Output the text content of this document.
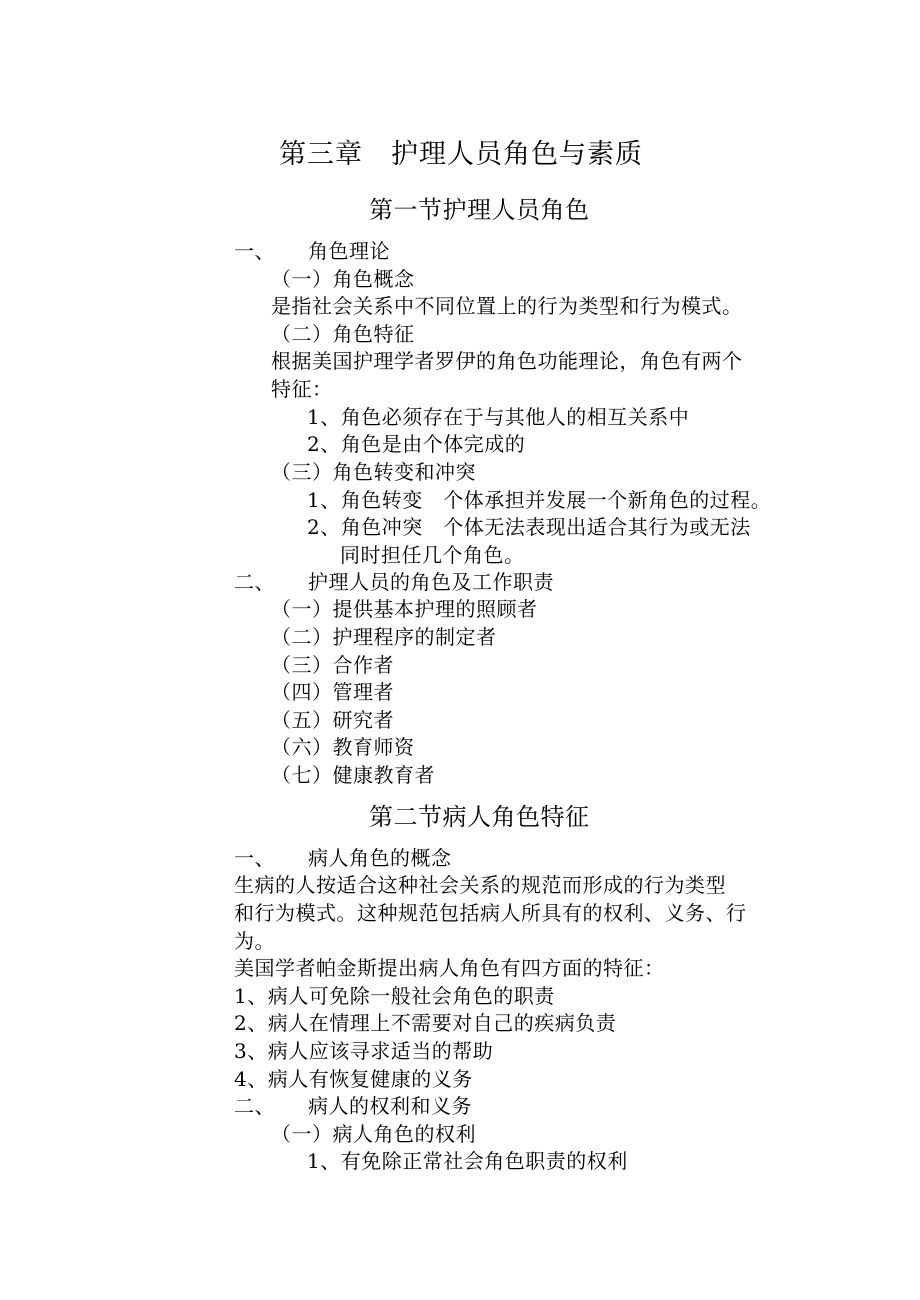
第三章　护理人员角色与素质
第一节护理人员角色
一、 角色理论
（一）角色概念
是指社会关系中不同位置上的行为类型和行为模式。
（二）角色特征
根据美国护理学者罗伊的角色功能理论，角色有两个
特征：
1、角色必须存在于与其他人的相互关系中
2、角色是由个体完成的
（三）角色转变和冲突
1、角色转变　个体承担并发展一个新角色的过程。
2、角色冲突　个体无法表现出适合其行为或无法
同时担任几个角色。
二、 护理人员的角色及工作职责
（一）提供基本护理的照顾者
（二）护理程序的制定者
（三）合作者
（四）管理者
（五）研究者
（六）教育师资
（七）健康教育者
第二节病人角色特征
一、 病人角色的概念
生病的人按适合这种社会关系的规范而形成的行为类型
和行为模式。这种规范包括病人所具有的权利、义务、行
为。
美国学者帕金斯提出病人角色有四方面的特征：
1、病人可免除一般社会角色的职责
2、病人在情理上不需要对自己的疾病负责
3、病人应该寻求适当的帮助
4、病人有恢复健康的义务
二、 病人的权利和义务
（一）病人角色的权利
1、有免除正常社会角色职责的权利
